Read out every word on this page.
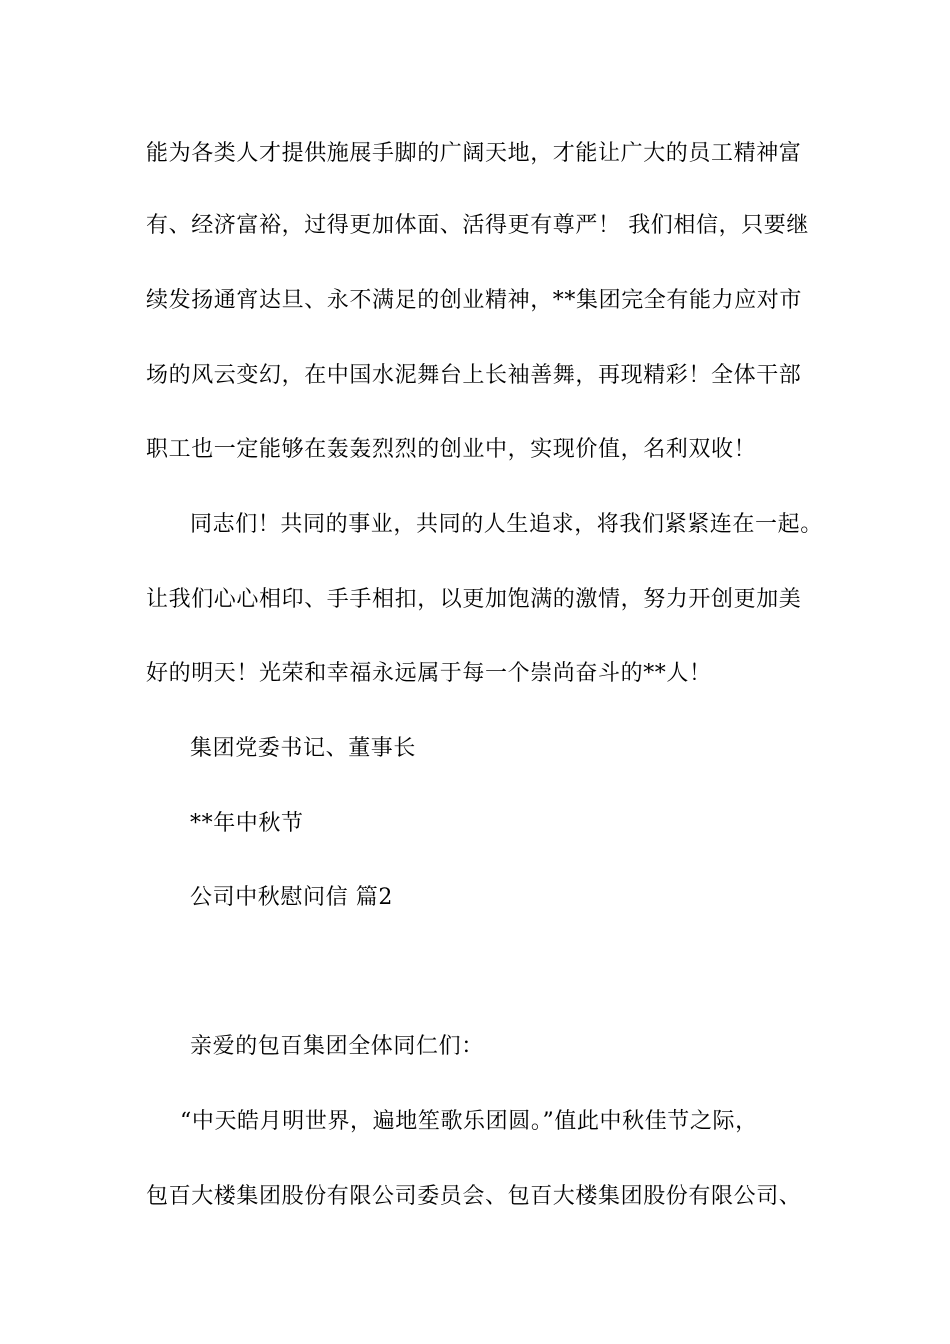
能为各类人才提供施展手脚的广阔天地，才能让广大的员工精神富
有、经济富裕，过得更加体面、活得更有尊严！ 我们相信，只要继
续发扬通宵达旦、永不满足的创业精神，**集团完全有能力应对市
场的风云变幻，在中国水泥舞台上长袖善舞，再现精彩！全体干部
职工也一定能够在轰轰烈烈的创业中，实现价值，名利双收！
同志们！共同的事业，共同的人生追求，将我们紧紧连在一起。
让我们心心相印、手手相扣，以更加饱满的激情，努力开创更加美
好的明天！光荣和幸福永远属于每一个崇尚奋斗的**人！
集团党委书记、董事长
**年中秋节
公司中秋慰问信 篇2
亲爱的包百集团全体同仁们：
“中天皓月明世界，遍地笙歌乐团圆。”值此中秋佳节之际，
包百大楼集团股份有限公司委员会、包百大楼集团股份有限公司、
